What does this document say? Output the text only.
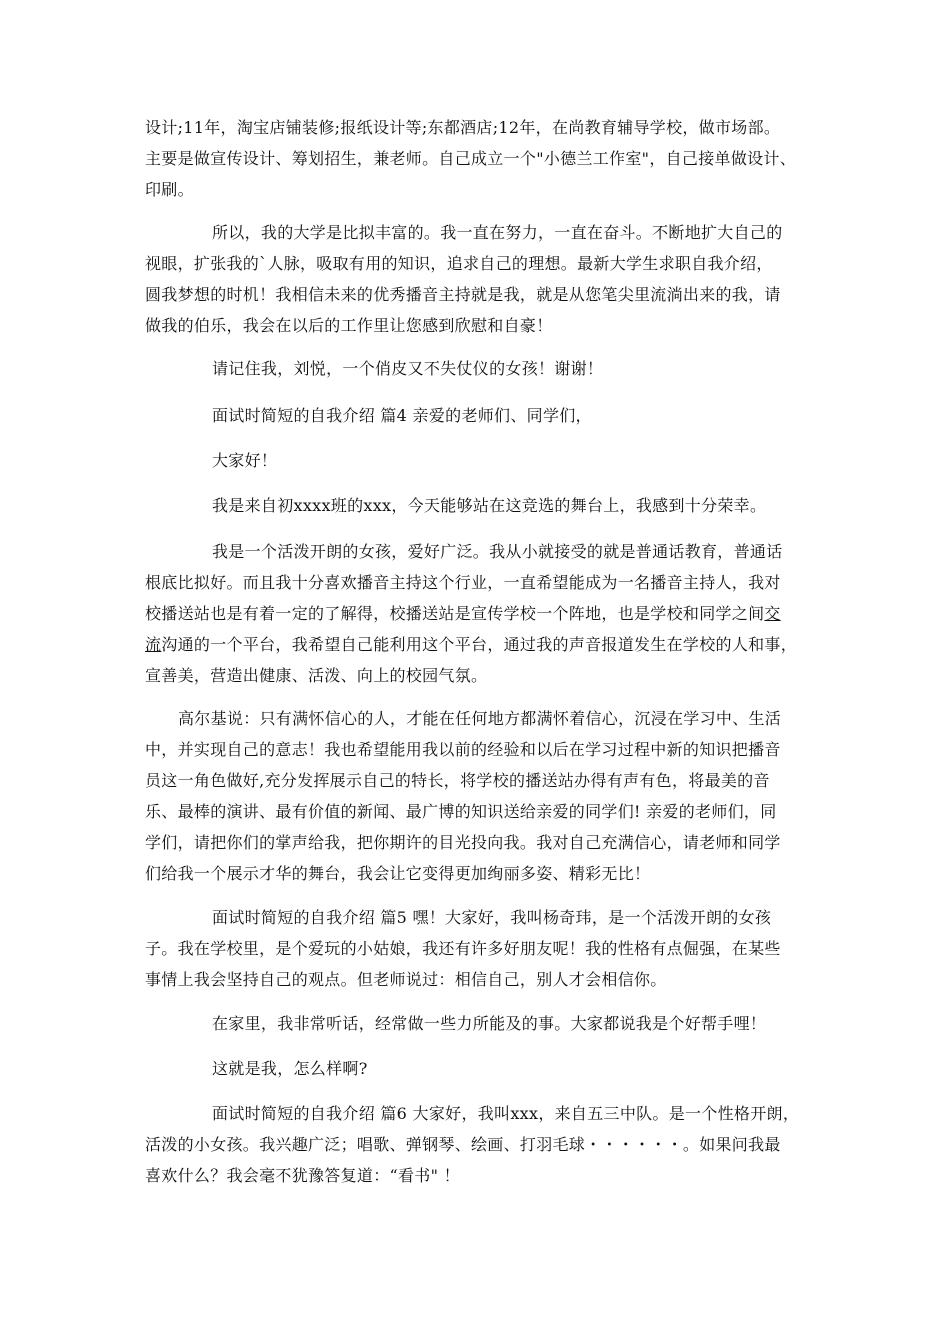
设计;11年，淘宝店铺装修;报纸设计等;东都酒店;12年，在尚教育辅导学校，做市场部。
主要是做宣传设计、筹划招生，兼老师。自己成立一个"小德兰工作室"，自己接单做设计、
印刷。
所以，我的大学是比拟丰富的。我一直在努力，一直在奋斗。不断地扩大自己的
视眼，扩张我的`人脉，吸取有用的知识，追求自己的理想。最新大学生求职自我介绍，
圆我梦想的时机！我相信未来的优秀播音主持就是我，就是从您笔尖里流淌出来的我，请
做我的伯乐，我会在以后的工作里让您感到欣慰和自豪！
请记住我，刘悦，一个俏皮又不失仗仪的女孩！谢谢！
面试时简短的自我介绍 篇4 亲爱的老师们、同学们，
大家好！
我是来自初xxxx班的xxx，今天能够站在这竞选的舞台上，我感到十分荣幸。
我是一个活泼开朗的女孩，爱好广泛。我从小就接受的就是普通话教育，普通话
根底比拟好。而且我十分喜欢播音主持这个行业，一直希望能成为一名播音主持人，我对
校播送站也是有着一定的了解得，校播送站是宣传学校一个阵地，也是学校和同学之间交
流沟通的一个平台，我希望自己能利用这个平台，通过我的声音报道发生在学校的人和事，
宣善美，营造出健康、活泼、向上的校园气氛。
高尔基说：只有满怀信心的人，才能在任何地方都满怀着信心，沉浸在学习中、生活
中，并实现自己的意志！我也希望能用我以前的经验和以后在学习过程中新的知识把播音
员这一角色做好,充分发挥展示自己的特长，将学校的播送站办得有声有色，将最美的音
乐、最棒的演讲、最有价值的新闻、最广博的知识送给亲爱的同学们! 亲爱的老师们，同
学们，请把你们的掌声给我，把你期许的目光投向我。我对自己充满信心，请老师和同学
们给我一个展示才华的舞台，我会让它变得更加绚丽多姿、精彩无比！
面试时简短的自我介绍 篇5 嘿！大家好，我叫杨奇玮，是一个活泼开朗的女孩
子。我在学校里，是个爱玩的小姑娘，我还有许多好朋友呢！我的性格有点倔强，在某些
事情上我会坚持自己的观点。但老师说过：相信自己，别人才会相信你。
在家里，我非常听话，经常做一些力所能及的事。大家都说我是个好帮手哩！
这就是我，怎么样啊?
面试时简短的自我介绍 篇6 大家好，我叫xxx，来自五三中队。是一个性格开朗，
活泼的小女孩。我兴趣广泛；唱歌、弹钢琴、绘画、打羽毛球・・・・・・。如果问我最
喜欢什么？我会毫不犹豫答复道：“看书" ！
